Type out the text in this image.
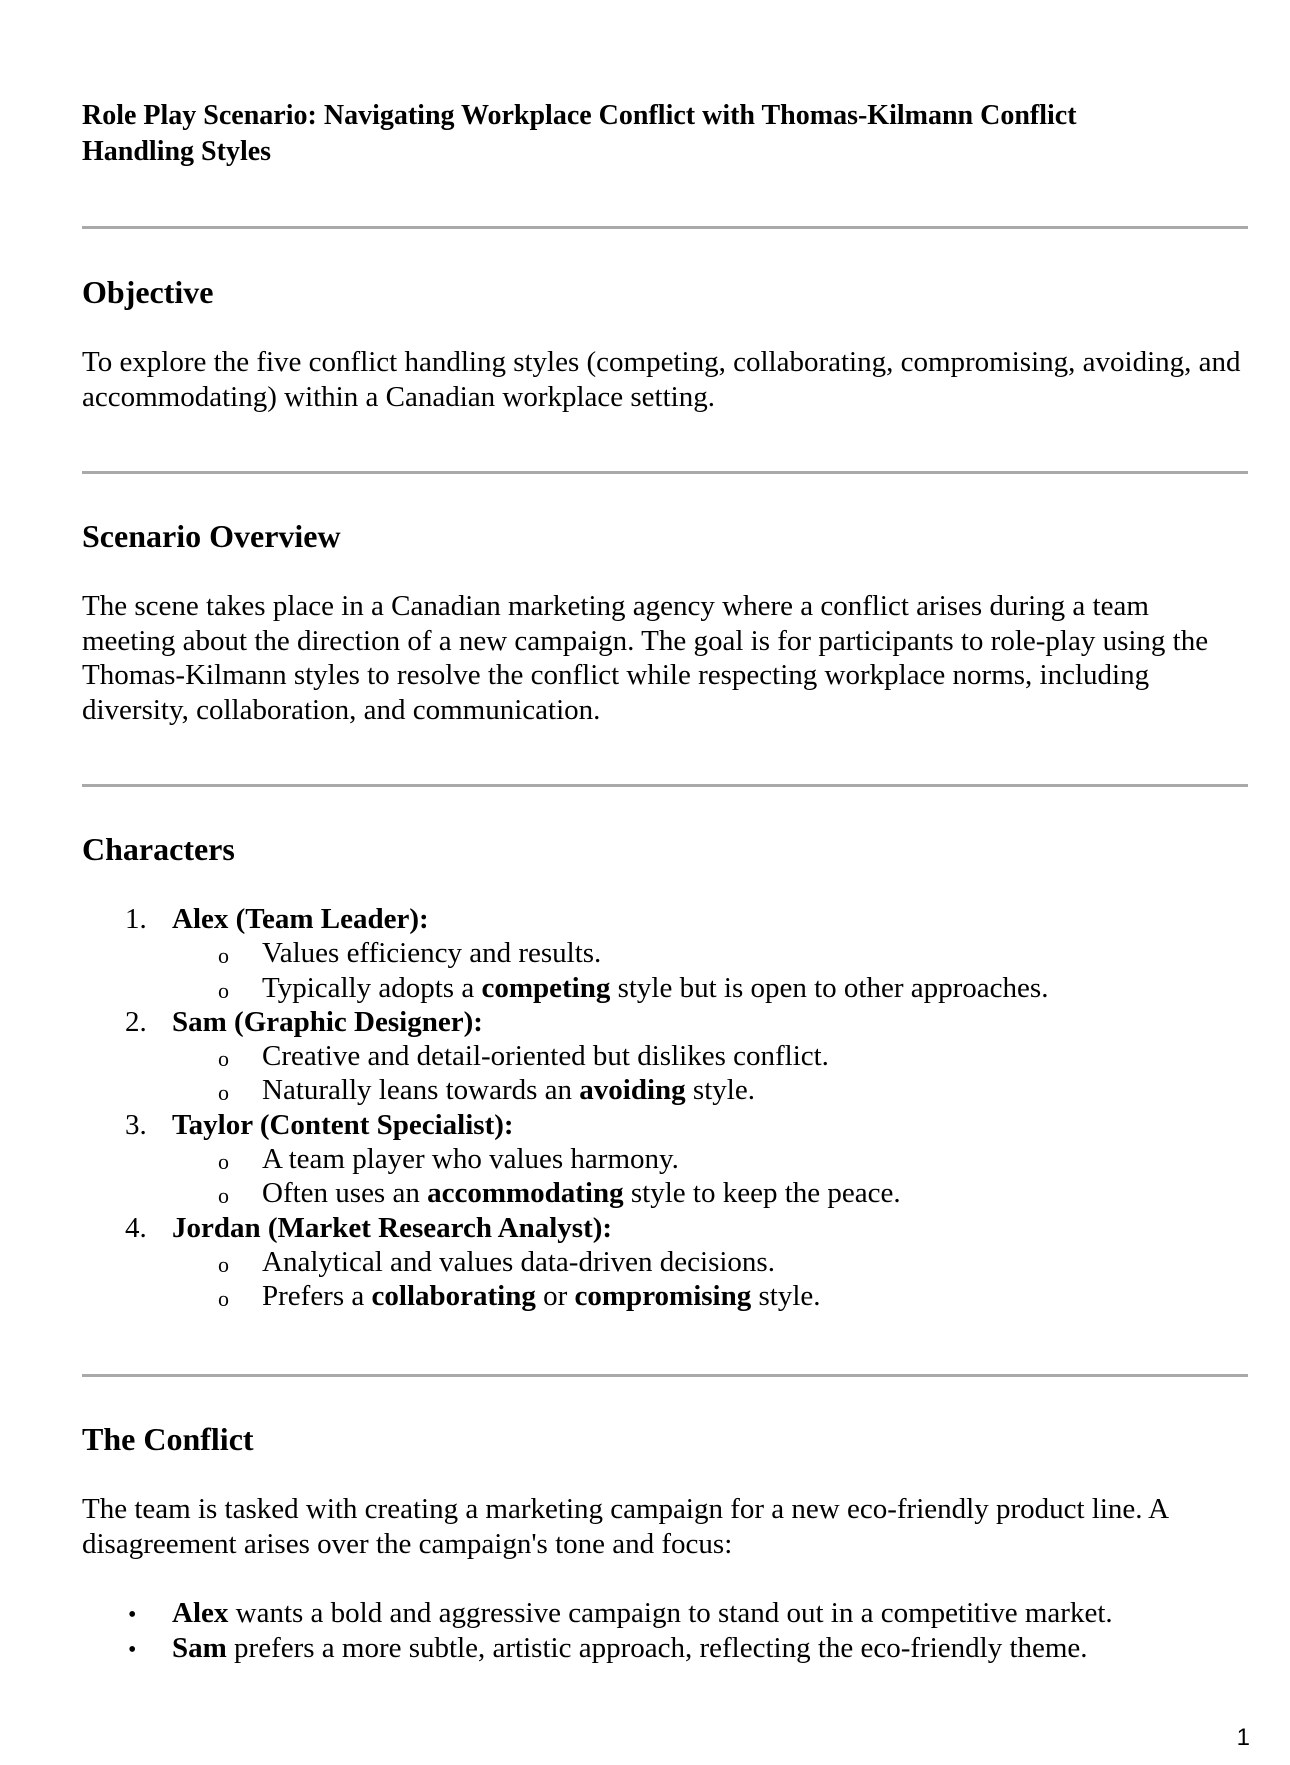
Role Play Scenario: Navigating Workplace Conflict with Thomas-Kilmann Conflict Handling Styles
Objective

To explore the five conflict handling styles (competing, collaborating, compromising, avoiding, and accommodating) within a Canadian workplace setting.

Scenario Overview

The scene takes place in a Canadian marketing agency where a conflict arises during a team meeting about the direction of a new campaign. The goal is for participants to role-play using the Thomas-Kilmann styles to resolve the conflict while respecting workplace norms, including diversity, collaboration, and communication.

Characters
1. Alex (Team Leader):
o Values efficiency and results.
o Typically adopts a competing style but is open to other approaches.
2. Sam (Graphic Designer):
o Creative and detail-oriented but dislikes conflict.
o Naturally leans towards an avoiding style.
3. Taylor (Content Specialist):
o A team player who values harmony.
o Often uses an accommodating style to keep the peace.
4. Jordan (Market Research Analyst):
o Analytical and values data-driven decisions.
o Prefers a collaborating or compromising style.
The Conflict

The team is tasked with creating a marketing campaign for a new eco-friendly product line. A disagreement arises over the campaign's tone and focus:

• Alex wants a bold and aggressive campaign to stand out in a competitive market.
• Sam prefers a more subtle, artistic approach, reflecting the eco-friendly theme.
1
